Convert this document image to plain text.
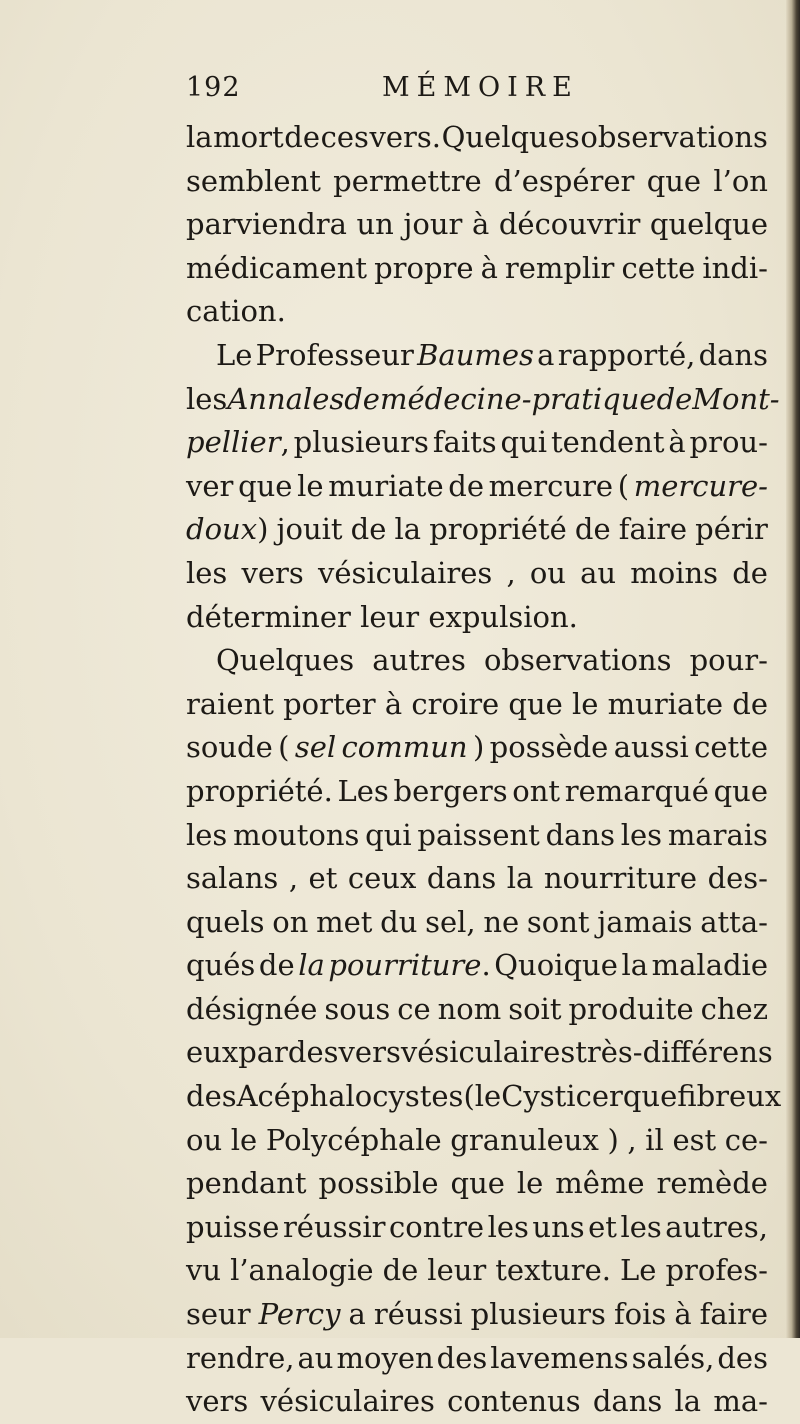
192	MÉMOIRE
la mort de ces vers. Quelques observations
semblent permettre d’espérer que l’on
parviendra un jour à découvrir quelque
médicament propre à remplir cette indi-
cation.
Le Professeur Baumes a rapporté, dans
les Annales de médecine-pratique de Mont-
pellier, plusieurs faits qui tendent à prou-
ver que le muriate de mercure ( mercure-
doux) jouit de la propriété de faire périr
les vers vésiculaires , ou au moins de
déterminer
leur
expulsion.
Quelques autres observations pour-
raient porter à croire que le muriate de
soude ( sel commun ) possède aussi cette
propriété. Les bergers ont remarqué que
les moutons qui paissent dans les marais
salans , et ceux dans la nourriture des-
quels on met du sel, ne sont jamais atta-
qués de la pourriture. Quoique la maladie
désignée sous ce nom soit produite chez
eux par des vers vésiculaires très-différens
des Acéphalocystes (le Cysticerque fibreux
ou le Polycéphale granuleux ) , il est ce-
pendant possible que le même remède
puisse réussir contre les uns et les autres,
vu l’analogie de leur texture. Le profes-
seur Percy a réussi plusieurs fois à faire
rendre, au moyen des lavemens salés, des
vers vésiculaires contenus dans la ma-
